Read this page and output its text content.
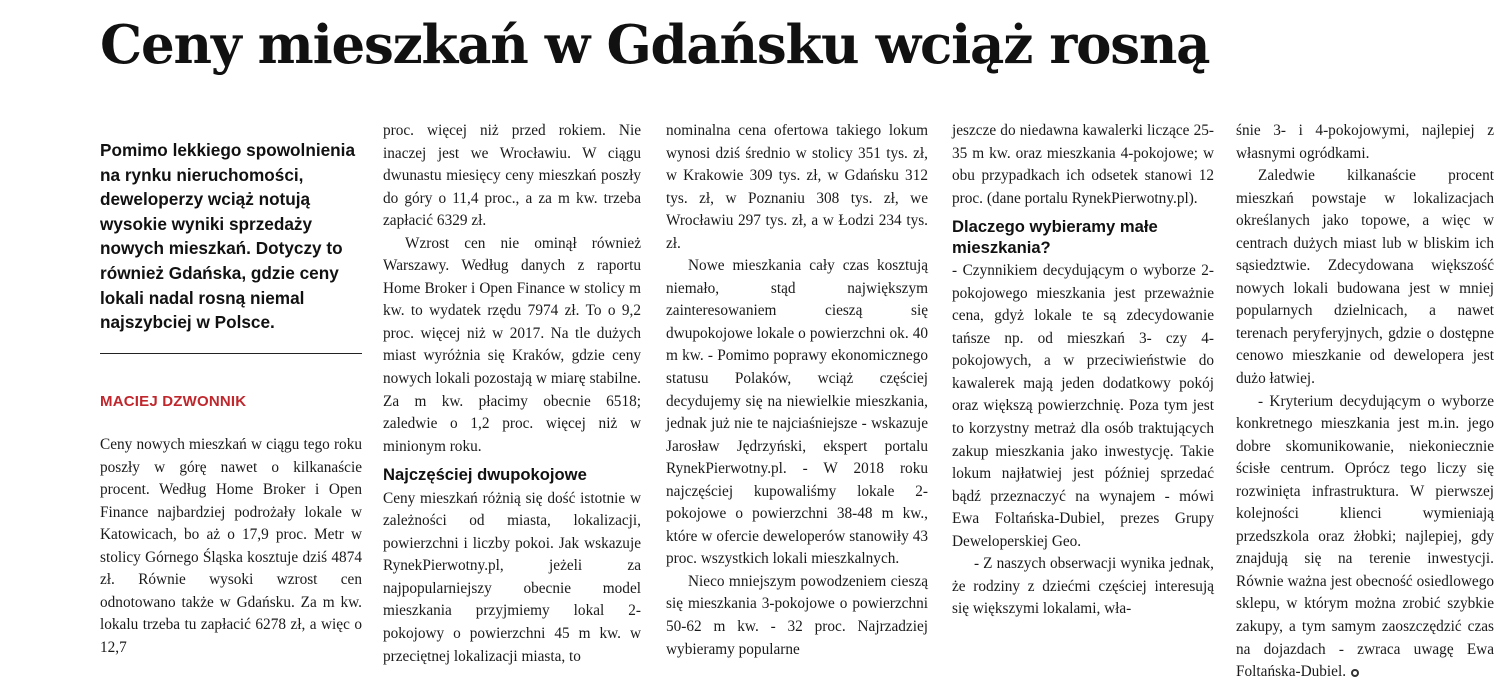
Ceny mieszkań w Gdańsku wciąż rosną
Pomimo lekkiego spowolnienia na rynku nieruchomości, deweloperzy wciąż notują wysokie wyniki sprzedaży nowych mieszkań. Dotyczy to również Gdańska, gdzie ceny lokali nadal rosną niemal najszybciej w Polsce.
MACIEJ DZWONNIK

Ceny nowych mieszkań w ciągu tego roku poszły w górę nawet o kilkanaście procent. Według Home Broker i Open Finance najbardziej podrożały lokale w Katowicach, bo aż o 17,9 proc. Metr w stolicy Górnego Śląska kosztuje dziś 4874 zł. Równie wysoki wzrost cen odnotowano także w Gdańsku. Za m kw. lokalu trzeba tu zapłacić 6278 zł, a więc o 12,7

proc. więcej niż przed rokiem. Nie inaczej jest we Wrocławiu. W ciągu dwunastu miesięcy ceny mieszkań poszły do góry o 11,4 proc., a za m kw. trzeba zapłacić 6329 zł.

Wzrost cen nie ominął również Warszawy. Według danych z raportu Home Broker i Open Finance w stolicy m kw. to wydatek rzędu 7974 zł. To o 9,2 proc. więcej niż w 2017. Na tle dużych miast wyróżnia się Kraków, gdzie ceny nowych lokali pozostają w miarę stabilne. Za m kw. płacimy obecnie 6518; zaledwie o 1,2 proc. więcej niż w minionym roku.

Najczęściej dwupokojowe

Ceny mieszkań różnią się dość istotnie w zależności od miasta, lokalizacji, powierzchni i liczby pokoi. Jak wskazuje RynekPierwotny.pl, jeżeli za najpopularniejszy obecnie model mieszkania przyjmiemy lokal 2-pokojowy o powierzchni 45 m kw. w przeciętnej lokalizacji miasta, to

nominalna cena ofertowa takiego lokum wynosi dziś średnio w stolicy 351 tys. zł, w Krakowie 309 tys. zł, w Gdańsku 312 tys. zł, w Poznaniu 308 tys. zł, we Wrocławiu 297 tys. zł, a w Łodzi 234 tys. zł.

Nowe mieszkania cały czas kosztują niemało, stąd największym zainteresowaniem cieszą się dwupokojowe lokale o powierzchni ok. 40 m kw. - Pomimo poprawy ekonomicznego statusu Polaków, wciąż częściej decydujemy się na niewielkie mieszkania, jednak już nie te najciaśniejsze - wskazuje Jarosław Jędrzyński, ekspert portalu RynekPierwotny.pl. - W 2018 roku najczęściej kupowaliśmy lokale 2-pokojowe o powierzchni 38-48 m kw., które w ofercie deweloperów stanowiły 43 proc. wszystkich lokali mieszkalnych.

Nieco mniejszym powodzeniem cieszą się mieszkania 3-pokojowe o powierzchni 50-62 m kw. - 32 proc. Najrzadziej wybieramy popularne

jeszcze do niedawna kawalerki liczące 25-35 m kw. oraz mieszkania 4-pokojowe; w obu przypadkach ich odsetek stanowi 12 proc. (dane portalu RynekPierwotny.pl).

Dlaczego wybieramy małe mieszkania?

- Czynnikiem decydującym o wyborze 2-pokojowego mieszkania jest przeważnie cena, gdyż lokale te są zdecydowanie tańsze np. od mieszkań 3- czy 4-pokojowych, a w przeciwieństwie do kawalerek mają jeden dodatkowy pokój oraz większą powierzchnię. Poza tym jest to korzystny metraż dla osób traktujących zakup mieszkania jako inwestycję. Takie lokum najłatwiej jest później sprzedać bądź przeznaczyć na wynajem - mówi Ewa Foltańska-Dubiel, prezes Grupy Deweloperskiej Geo.

- Z naszych obserwacji wynika jednak, że rodziny z dziećmi częściej interesują się większymi lokalami, wła-

śnie 3- i 4-pokojowymi, najlepiej z własnymi ogródkami.

Zaledwie kilkanaście procent mieszkań powstaje w lokalizacjach określanych jako topowe, a więc w centrach dużych miast lub w bliskim ich sąsiedztwie. Zdecydowana większość nowych lokali budowana jest w mniej popularnych dzielnicach, a nawet terenach peryferyjnych, gdzie o dostępne cenowo mieszkanie od dewelopera jest dużo łatwiej.

- Kryterium decydującym o wyborze konkretnego mieszkania jest m.in. jego dobre skomunikowanie, niekoniecznie ścisłe centrum. Oprócz tego liczy się rozwinięta infrastruktura. W pierwszej kolejności klienci wymieniają przedszkola oraz żłobki; najlepiej, gdy znajdują się na terenie inwestycji. Równie ważna jest obecność osiedlowego sklepu, w którym można zrobić szybkie zakupy, a tym samym zaoszczędzić czas na dojazdach - zwraca uwagę Ewa Foltańska-Dubiel.
